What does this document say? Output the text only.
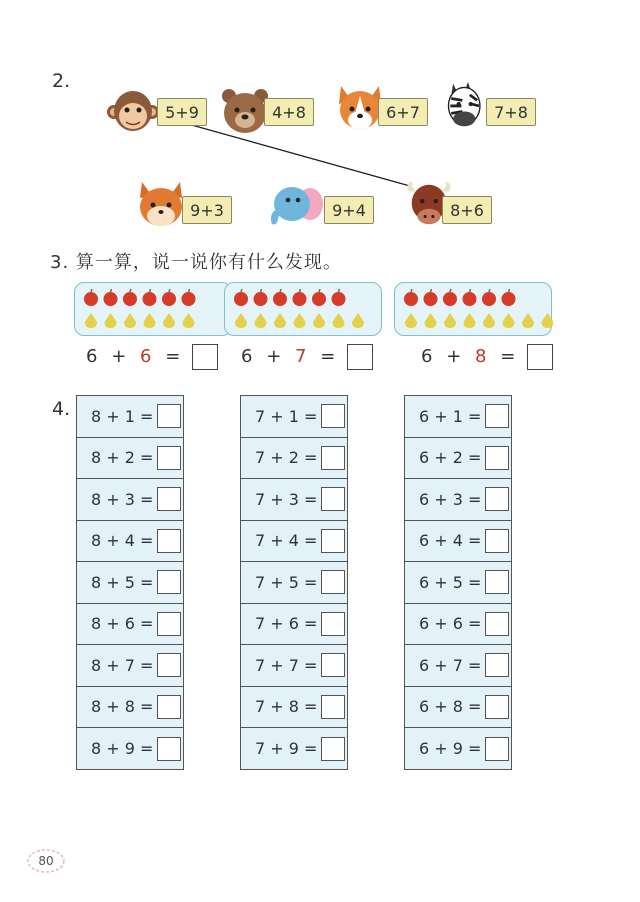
2.
5+9	4+8	6+7	7+8
9+3	9+4	8+6
3. 算一算，说一说你有什么发现。
6 + 6 =	6 + 7 =	6 + 8 =
4. 8 + 1 =
8 + 2 =
8 + 3 =
8 + 4 =
8 + 5 =
8 + 6 =
8 + 7 =
8 + 8 =
8 + 9 =
7 + 1 =
7 + 2 =
7 + 3 =
7 + 4 =
7 + 5 =
7 + 6 =
7 + 7 =
7 + 8 =
7 + 9 =
6 + 1 =
6 + 2 =
6 + 3 =
6 + 4 =
6 + 5 =
6 + 6 =
6 + 7 =
6 + 8 =
6 + 9 =
80
